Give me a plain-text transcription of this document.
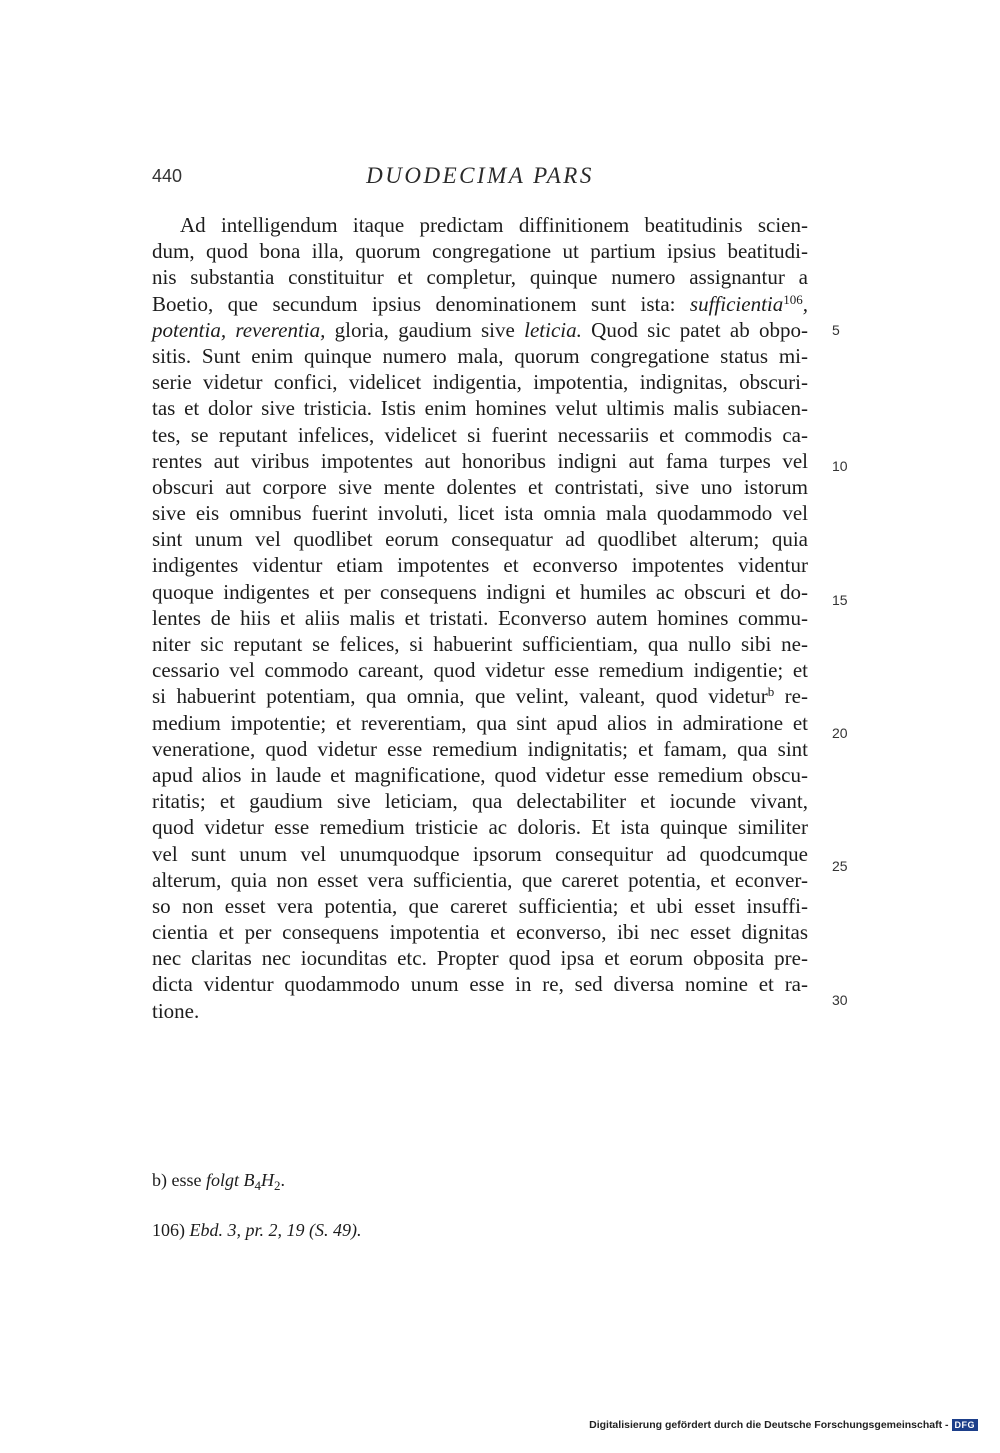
440	DUODECIMA PARS
Ad intelligendum itaque predictam diffinitionem beatitudinis scien-
dum, quod bona illa, quorum congregatione ut partium ipsius beatitudi-
nis substantia constituitur et completur, quinque numero assignantur a
Boetio, que secundum ipsius denominationem sunt ista: sufficientia$^{106}$,
potentia, reverentia, gloria, gaudium sive leticia. Quod sic patet ab obpo-
sitis. Sunt enim quinque numero mala, quorum congregatione status mi-
serie videtur confici, videlicet indigentia, impotentia, indignitas, obscuri-
tas et dolor sive tristicia. Istis enim homines velut ultimis malis subiacen-
tes, se reputant infelices, videlicet si fuerint necessariis et commodis ca-
rentes aut viribus impotentes aut honoribus indigni aut fama turpes vel
obscuri aut corpore sive mente dolentes et contristati, sive uno istorum
sive eis omnibus fuerint involuti, licet ista omnia mala quodammodo vel
sint unum vel quodlibet eorum consequatur ad quodlibet alterum; quia
indigentes videntur etiam impotentes et econverso impotentes videntur
quoque indigentes et per consequens indigni et humiles ac obscuri et do-
lentes de hiis et aliis malis et tristati. Econverso autem homines commu-
niter sic reputant se felices, si habuerint sufficientiam, qua nullo sibi ne-
cessario vel commodo careant, quod videtur esse remedium indigentie; et
si habuerint potentiam, qua omnia, que velint, valeant, quod videtur$^b$ re-
medium impotentie; et reverentiam, qua sint apud alios in admiratione et
veneratione, quod videtur esse remedium indignitatis; et famam, qua sint
apud alios in laude et magnificatione, quod videtur esse remedium obscu-
ritatis; et gaudium sive leticiam, qua delectabiliter et iocunde vivant,
quod videtur esse remedium tristicie ac doloris. Et ista quinque similiter
vel sunt unum vel unumquodque ipsorum consequitur ad quodcumque
alterum, quia non esset vera sufficientia, que careret potentia, et econver-
so non esset vera potentia, que careret sufficientia; et ubi esset insuffi-
cientia et per consequens impotentia et econverso, ibi nec esset dignitas
nec claritas nec iocunditas etc. Propter quod ipsa et eorum obposita pre-
dicta videntur quodammodo unum esse in re, sed diversa nomine et ra-
tione.
5
10
15
20
25
30
b) esse folgt $B_4H_2$.
106) Ebd. 3, pr. 2, 19 (S. 49).
Digitalisierung gefördert durch die Deutsche Forschungsgemeinschaft - DFG
